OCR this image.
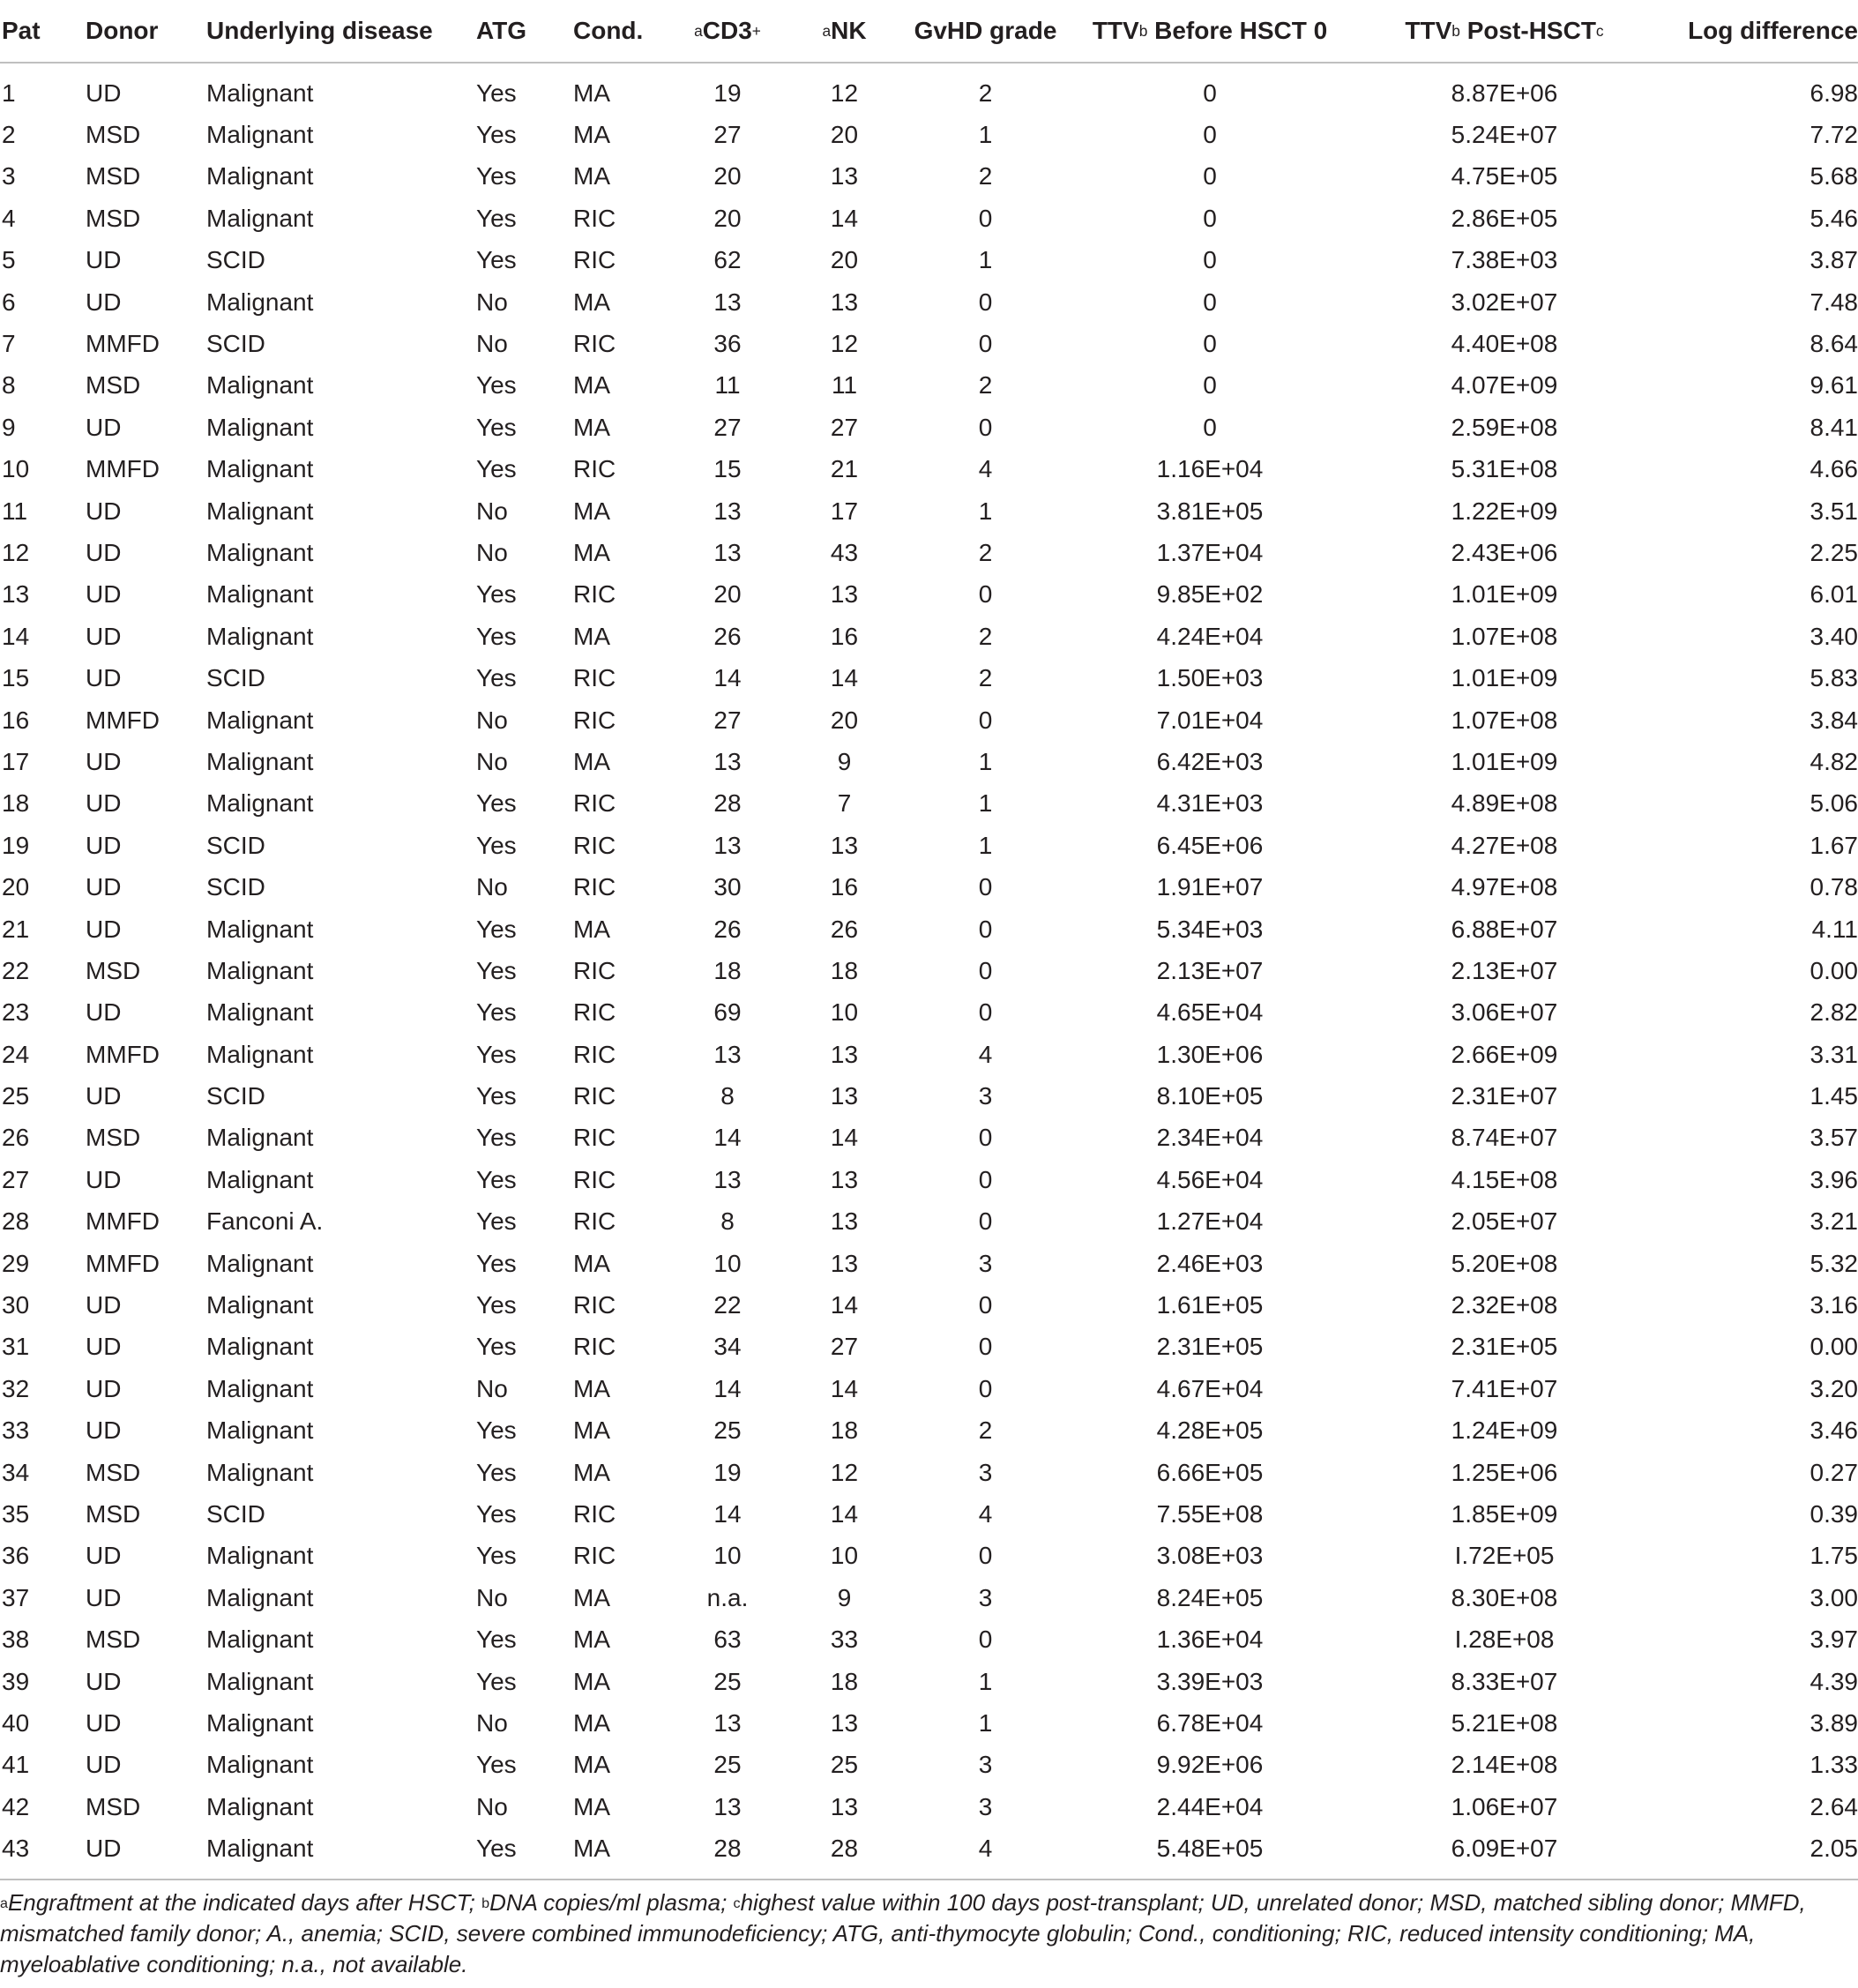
Pat	Donor	Underlying disease	ATG	Cond.	$^a$CD3+	$^a$NK	GvHD grade	TTV$^b$ Before HSCT 0	TTV$^b$ Post-HSCT$^c$	Log difference
1	UD	Malignant	Yes	MA	19	12	2	0	8.87E+06	6.98
2	MSD	Malignant	Yes	MA	27	20	1	0	5.24E+07	7.72
3	MSD	Malignant	Yes	MA	20	13	2	0	4.75E+05	5.68
4	MSD	Malignant	Yes	RIC	20	14	0	0	2.86E+05	5.46
5	UD	SCID	Yes	RIC	62	20	1	0	7.38E+03	3.87
6	UD	Malignant	No	MA	13	13	0	0	3.02E+07	7.48
7	MMFD	SCID	No	RIC	36	12	0	0	4.40E+08	8.64
8	MSD	Malignant	Yes	MA	11	11	2	0	4.07E+09	9.61
9	UD	Malignant	Yes	MA	27	27	0	0	2.59E+08	8.41
10	MMFD	Malignant	Yes	RIC	15	21	4	1.16E+04	5.31E+08	4.66
11	UD	Malignant	No	MA	13	17	1	3.81E+05	1.22E+09	3.51
12	UD	Malignant	No	MA	13	43	2	1.37E+04	2.43E+06	2.25
13	UD	Malignant	Yes	RIC	20	13	0	9.85E+02	1.01E+09	6.01
14	UD	Malignant	Yes	MA	26	16	2	4.24E+04	1.07E+08	3.40
15	UD	SCID	Yes	RIC	14	14	2	1.50E+03	1.01E+09	5.83
16	MMFD	Malignant	No	RIC	27	20	0	7.01E+04	1.07E+08	3.84
17	UD	Malignant	No	MA	13	9	1	6.42E+03	1.01E+09	4.82
18	UD	Malignant	Yes	RIC	28	7	1	4.31E+03	4.89E+08	5.06
19	UD	SCID	Yes	RIC	13	13	1	6.45E+06	4.27E+08	1.67
20	UD	SCID	No	RIC	30	16	0	1.91E+07	4.97E+08	0.78
21	UD	Malignant	Yes	MA	26	26	0	5.34E+03	6.88E+07	4.11
22	MSD	Malignant	Yes	RIC	18	18	0	2.13E+07	2.13E+07	0.00
23	UD	Malignant	Yes	RIC	69	10	0	4.65E+04	3.06E+07	2.82
24	MMFD	Malignant	Yes	RIC	13	13	4	1.30E+06	2.66E+09	3.31
25	UD	SCID	Yes	RIC	8	13	3	8.10E+05	2.31E+07	1.45
26	MSD	Malignant	Yes	RIC	14	14	0	2.34E+04	8.74E+07	3.57
27	UD	Malignant	Yes	RIC	13	13	0	4.56E+04	4.15E+08	3.96
28	MMFD	Fanconi A.	Yes	RIC	8	13	0	1.27E+04	2.05E+07	3.21
29	MMFD	Malignant	Yes	MA	10	13	3	2.46E+03	5.20E+08	5.32
30	UD	Malignant	Yes	RIC	22	14	0	1.61E+05	2.32E+08	3.16
31	UD	Malignant	Yes	RIC	34	27	0	2.31E+05	2.31E+05	0.00
32	UD	Malignant	No	MA	14	14	0	4.67E+04	7.41E+07	3.20
33	UD	Malignant	Yes	MA	25	18	2	4.28E+05	1.24E+09	3.46
34	MSD	Malignant	Yes	MA	19	12	3	6.66E+05	1.25E+06	0.27
35	MSD	SCID	Yes	RIC	14	14	4	7.55E+08	1.85E+09	0.39
36	UD	Malignant	Yes	RIC	10	10	0	3.08E+03	I.72E+05	1.75
37	UD	Malignant	No	MA	n.a.	9	3	8.24E+05	8.30E+08	3.00
38	MSD	Malignant	Yes	MA	63	33	0	1.36E+04	I.28E+08	3.97
39	UD	Malignant	Yes	MA	25	18	1	3.39E+03	8.33E+07	4.39
40	UD	Malignant	No	MA	13	13	1	6.78E+04	5.21E+08	3.89
41	UD	Malignant	Yes	MA	25	25	3	9.92E+06	2.14E+08	1.33
42	MSD	Malignant	No	MA	13	13	3	2.44E+04	1.06E+07	2.64
43	UD	Malignant	Yes	MA	28	28	4	5.48E+05	6.09E+07	2.05
$^a$Engraftment at the indicated days after HSCT; $^b$DNA copies/ml plasma; $^c$highest value within 100 days post-transplant; UD, unrelated donor; MSD, matched sibling donor; MMFD, mismatched family donor; A., anemia; SCID, severe combined immunodeficiency; ATG, anti-thymocyte globulin; Cond., conditioning; RIC, reduced intensity conditioning; MA, myeloablative conditioning; n.a., not available.
